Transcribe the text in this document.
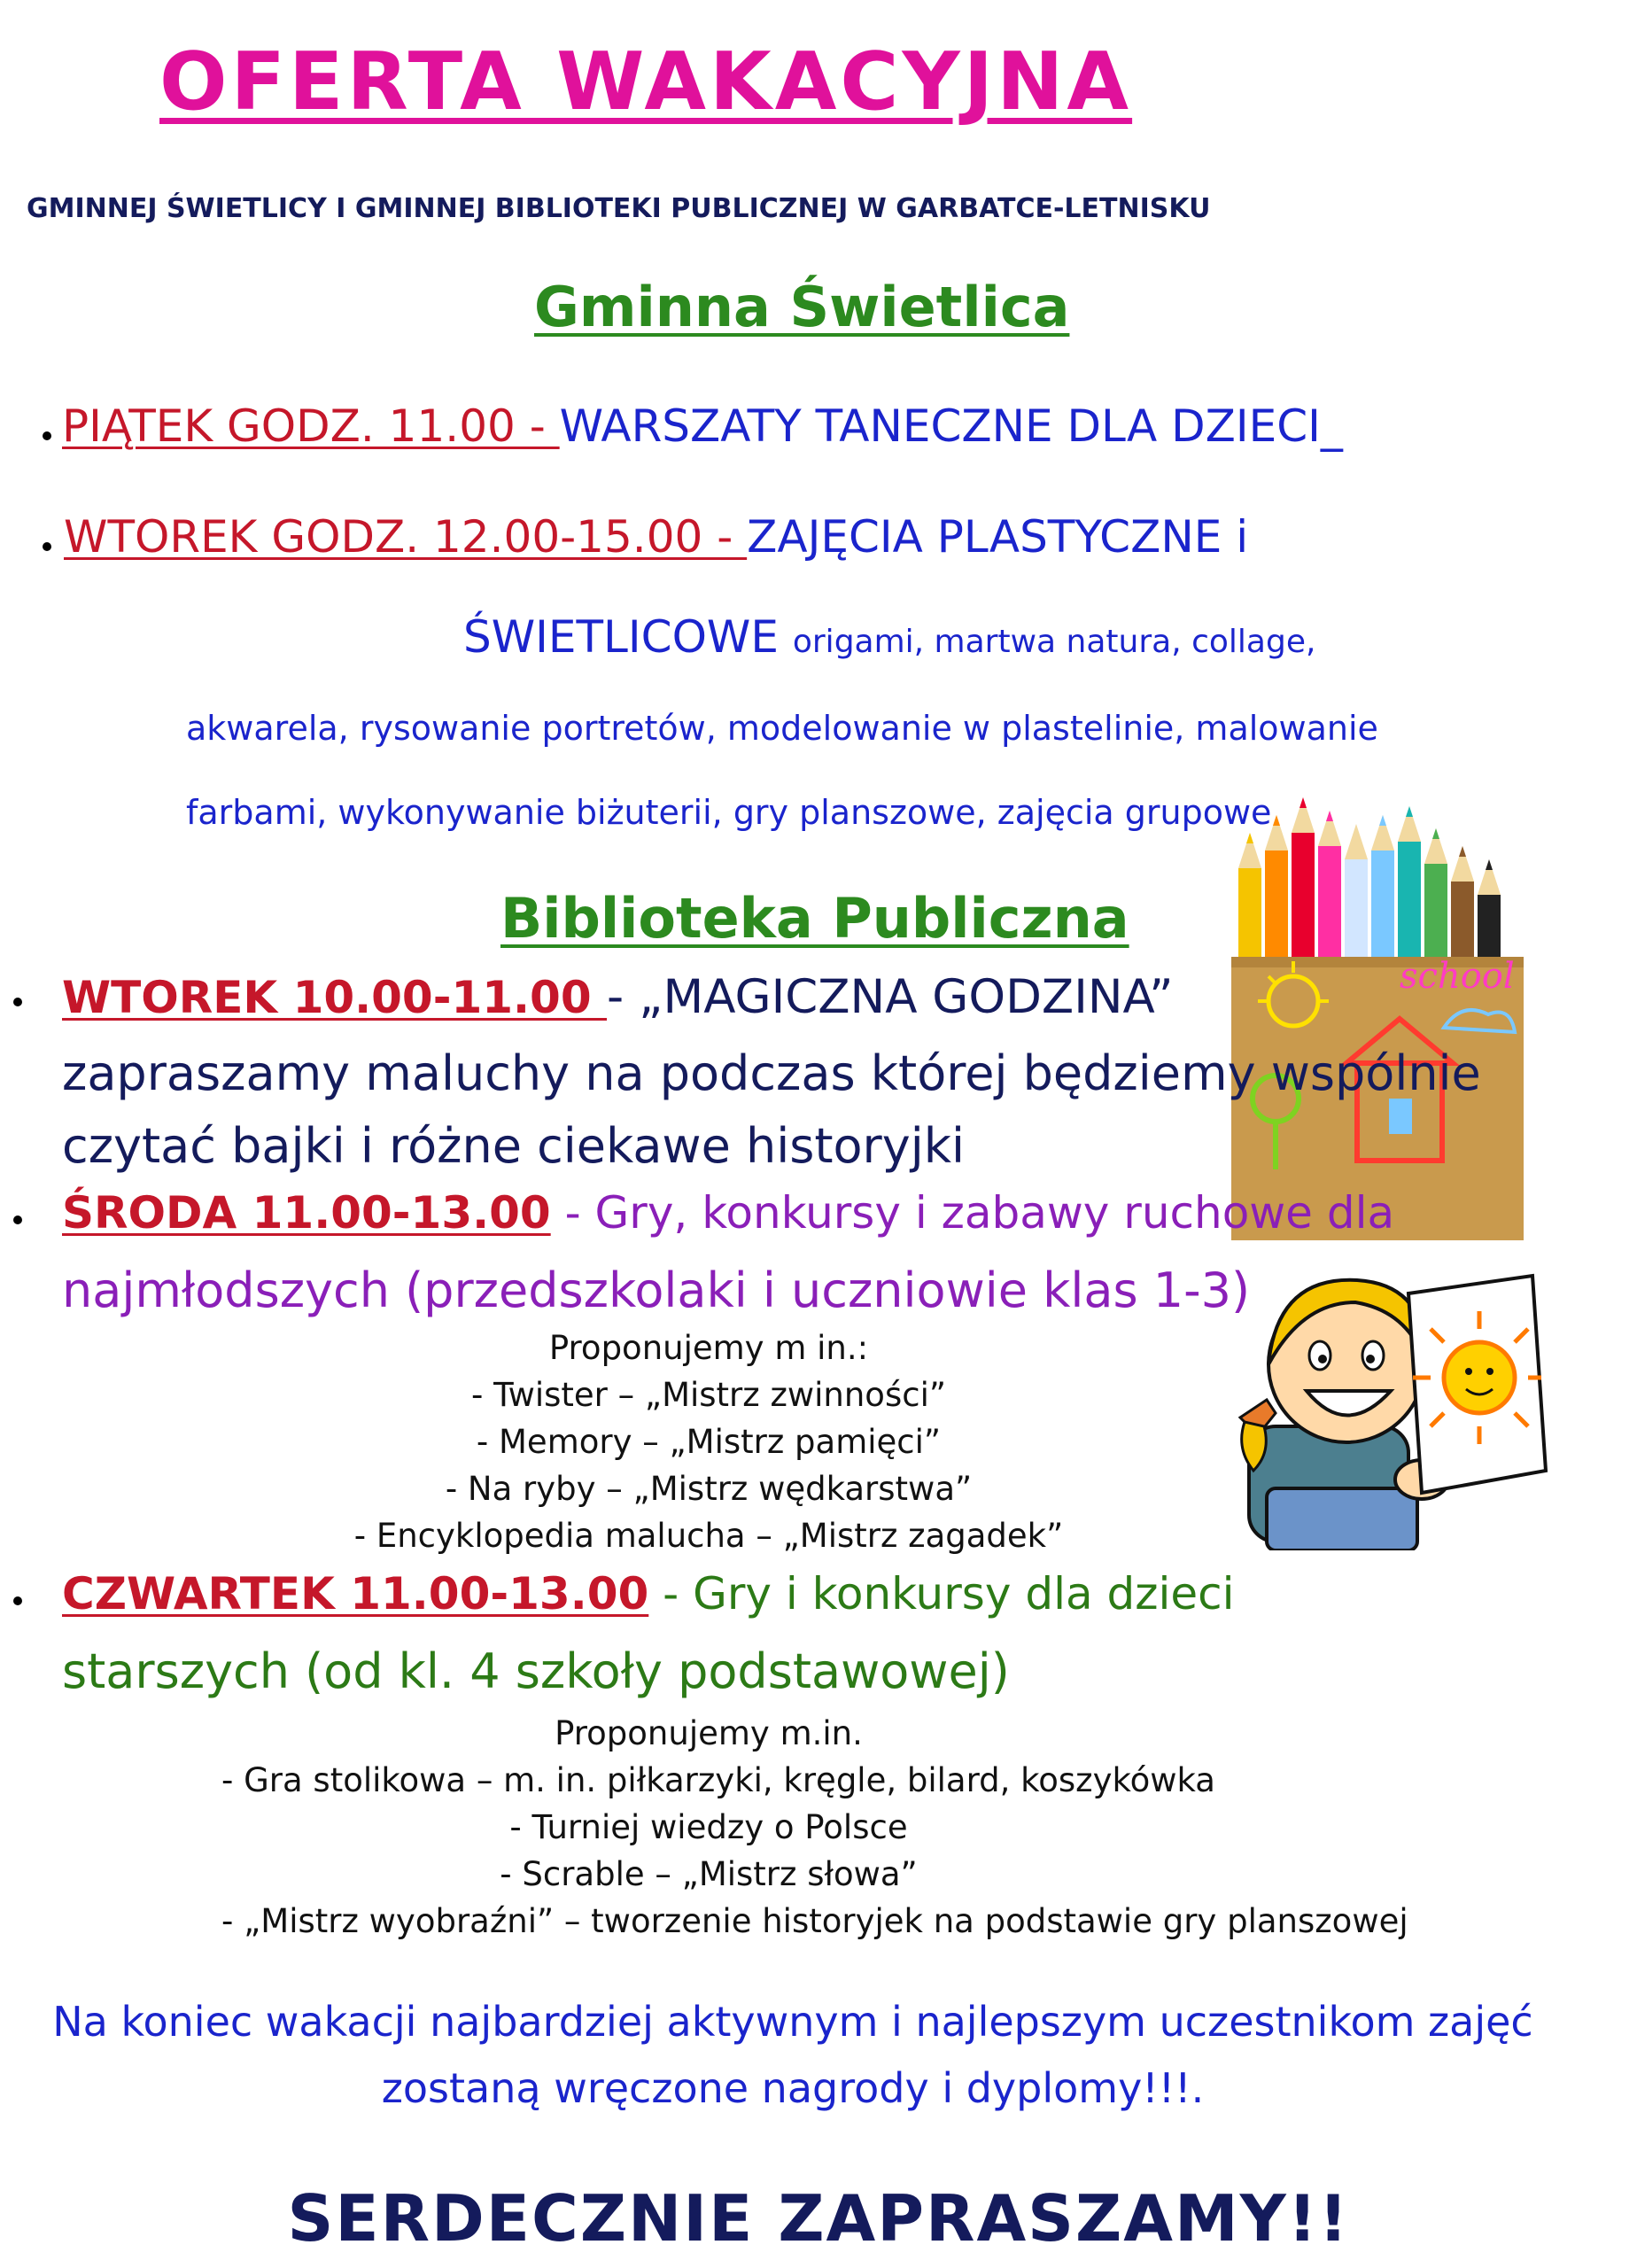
OFERTA WAKACYJNA
GMINNEJ ŚWIETLICY I GMINNEJ BIBLIOTEKI PUBLICZNEJ W GARBATCE-LETNISKU
Gminna Świetlica
PIĄTEK GODZ. 11.00 - WARSZATY TANECZNE DLA DZIECI_
WTOREK GODZ. 12.00-15.00 - ZAJĘCIA PLASTYCZNE i
ŚWIETLICOWE origami, martwa natura, collage,
akwarela, rysowanie portretów, modelowanie w plastelinie, malowanie
farbami, wykonywanie biżuterii, gry planszowe, zajęcia grupowe
school
Biblioteka Publiczna
WTOREK 10.00-11.00 - „MAGICZNA GODZINA”
zapraszamy maluchy na podczas której będziemy wspólnie
czytać bajki i różne ciekawe historyjki
ŚRODA 11.00-13.00 - Gry, konkursy i zabawy ruchowe dla
najmłodszych (przedszkolaki i uczniowie klas 1-3)
Proponujemy m in.:
- Twister – „Mistrz zwinności”
- Memory – „Mistrz pamięci”
- Na ryby – „Mistrz wędkarstwa”
- Encyklopedia malucha – „Mistrz zagadek”
CZWARTEK 11.00-13.00 - Gry i konkursy dla dzieci
starszych (od kl. 4 szkoły podstawowej)
Proponujemy m.in.
- Gra stolikowa – m. in. piłkarzyki, kręgle, bilard, koszykówka
- Turniej wiedzy o Polsce
- Scrable – „Mistrz słowa”
- „Mistrz wyobraźni” – tworzenie historyjek na podstawie gry planszowej
Na koniec wakacji najbardziej aktywnym i najlepszym uczestnikom zajęć
zostaną wręczone nagrody i dyplomy!!!.
SERDECZNIE ZAPRASZAMY!!
